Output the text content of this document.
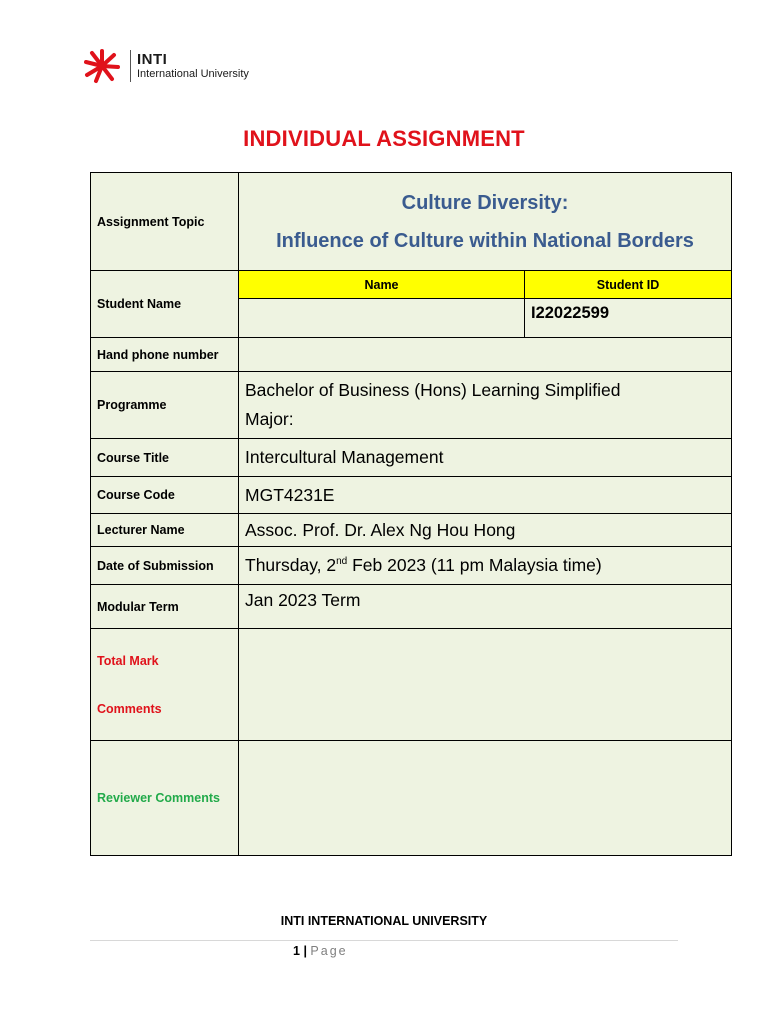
INTI
International University
INDIVIDUAL ASSIGNMENT
Assignment Topic	Culture Diversity:
Influence of Culture within National Borders	

Student Name	Name	Student ID
		I22022599
Hand phone number		
Programme	Bachelor of Business (Hons) Learning Simplified
Major:	

Course Title	Intercultural Management	
Course Code	MGT4231E	
Lecturer Name	Assoc. Prof. Dr. Alex Ng Hou Hong	
Date of Submission	Thursday, 2nd Feb 2023 (11 pm Malaysia time)	
Modular Term	Jan 2023 Term	

Total Mark
Comments		

Reviewer Comments		
INTI INTERNATIONAL UNIVERSITY
1 | Page
